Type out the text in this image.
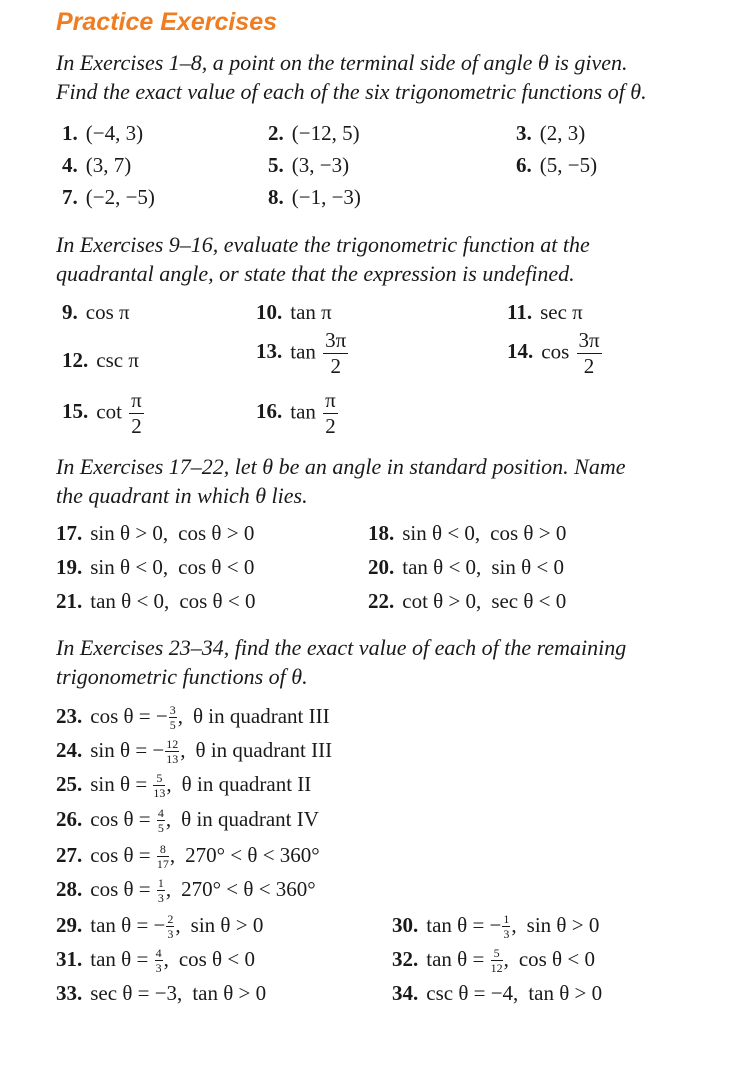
Practice Exercises
In Exercises 1–8, a point on the terminal side of angle θ is given.
Find the exact value of each of the six trigonometric functions of θ.
1. (−4, 3)	2. (−12, 5)	3. (2, 3)
4. (3, 7)	5. (3, −3)	6. (5, −5)
7. (−2, −5)	8. (−1, −3)
In Exercises 9–16, evaluate the trigonometric function at the
quadrantal angle, or state that the expression is undefined.
9. cos π	10. tan π	11. sec π
12. csc π	13. $\tan \frac{3\pi}{2}$	14. $\cos \frac{3\pi}{2}$
15. $\cot \frac{\pi}{2}$	16. $\tan \frac{\pi}{2}$
In Exercises 17–22, let θ be an angle in standard position. Name
the quadrant in which θ lies.
17. sin θ > 0, cos θ > 0	18. sin θ < 0, cos θ > 0
19. sin θ < 0, cos θ < 0	20. tan θ < 0, sin θ < 0
21. tan θ < 0, cos θ < 0	22. cot θ > 0, sec θ < 0
In Exercises 23–34, find the exact value of each of the remaining
trigonometric functions of θ.
23. cos θ = − $\frac{3}{5}$ , θ in quadrant III
24. sin θ = − $\frac{12}{13}$ , θ in quadrant III
25. $\sin \theta = \frac{5}{13}$ , θ in quadrant II
26. $\cos \theta = \frac{4}{5}$ , θ in quadrant IV
27. $\cos \theta = \frac{8}{17}$ , 270° < θ < 360°
28. $\cos \theta = \frac{1}{3}$ , 270° < θ < 360°
29. tan θ = − $\frac{2}{3}$ , sin θ > 0	30. tan θ = − $\frac{1}{3}$ , sin θ > 0
31. $\tan \theta = \frac{4}{3}$ , cos θ < 0	32. $\tan \theta = \frac{5}{12}$ , cos θ < 0
33. sec θ = −3, tan θ > 0	34. csc θ = −4, tan θ > 0
